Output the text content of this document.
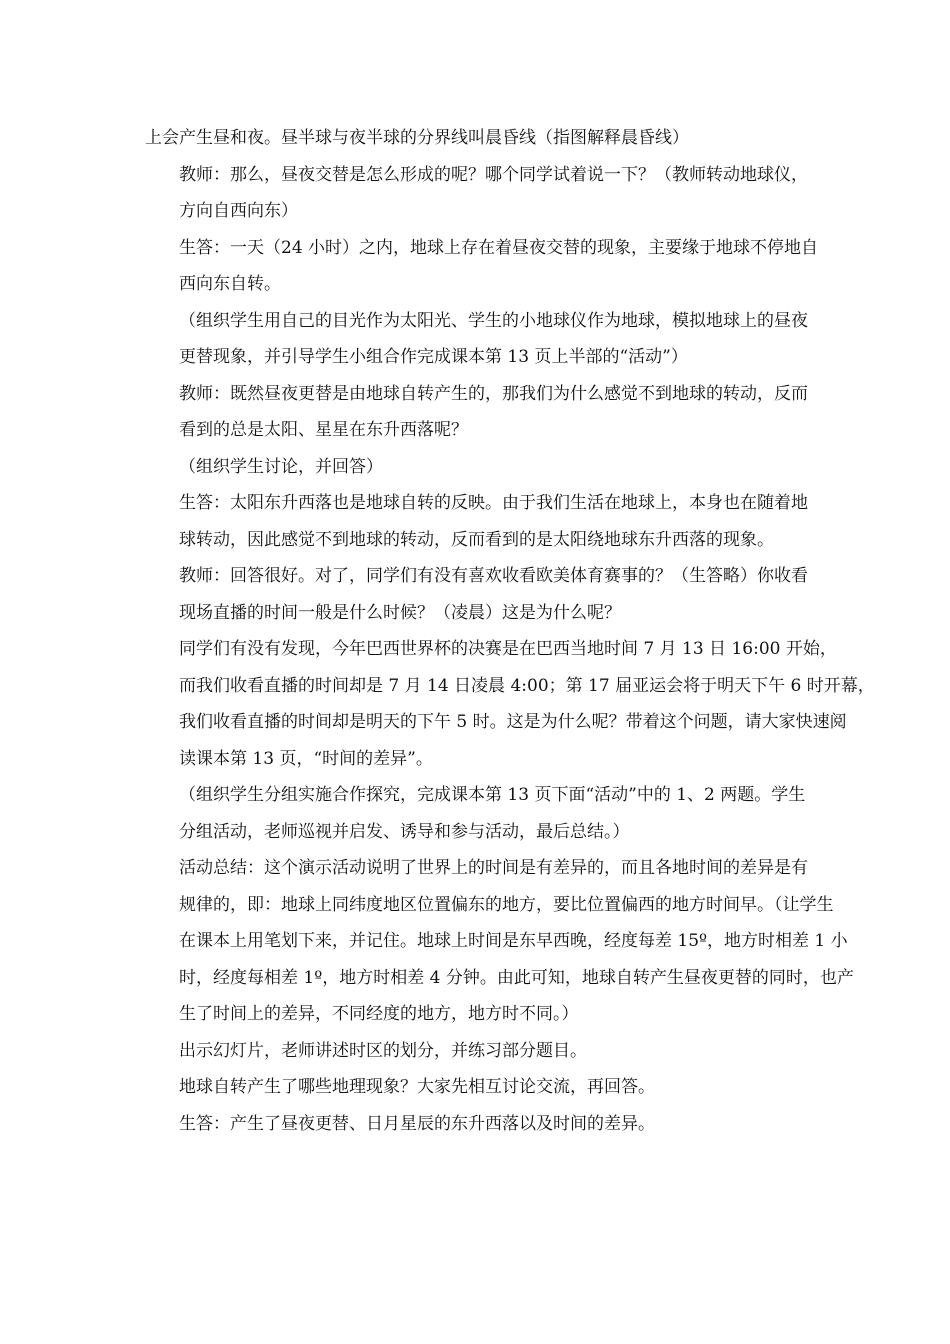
上会产生昼和夜。昼半球与夜半球的分界线叫晨昏线（指图解释晨昏线）
教师：那么，昼夜交替是怎么形成的呢？哪个同学试着说一下？（教师转动地球仪，
方向自西向东）
生答：一天（24 小时）之内，地球上存在着昼夜交替的现象，主要缘于地球不停地自
西向东自转。
（组织学生用自己的目光作为太阳光、学生的小地球仪作为地球，模拟地球上的昼夜
更替现象，并引导学生小组合作完成课本第 13 页上半部的“活动”）
教师：既然昼夜更替是由地球自转产生的，那我们为什么感觉不到地球的转动，反而
看到的总是太阳、星星在东升西落呢？
（组织学生讨论，并回答）
生答：太阳东升西落也是地球自转的反映。由于我们生活在地球上，本身也在随着地
球转动，因此感觉不到地球的转动，反而看到的是太阳绕地球东升西落的现象。
教师：回答很好。对了，同学们有没有喜欢收看欧美体育赛事的？（生答略）你收看
现场直播的时间一般是什么时候？（凌晨）这是为什么呢？
同学们有没有发现，今年巴西世界杯的决赛是在巴西当地时间 7 月 13 日 16:00 开始，
而我们收看直播的时间却是 7 月 14 日凌晨 4:00；第 17 届亚运会将于明天下午 6 时开幕，
我们收看直播的时间却是明天的下午 5 时。这是为什么呢？带着这个问题，请大家快速阅
读课本第 13 页，“时间的差异”。
（组织学生分组实施合作探究，完成课本第 13 页下面“活动”中的 1、2 两题。学生
分组活动，老师巡视并启发、诱导和参与活动，最后总结。）
活动总结：这个演示活动说明了世界上的时间是有差异的，而且各地时间的差异是有
规律的，即：地球上同纬度地区位置偏东的地方，要比位置偏西的地方时间早。（让学生
在课本上用笔划下来，并记住。地球上时间是东早西晚，经度每差 15º，地方时相差 1 小
时，经度每相差 1º，地方时相差 4 分钟。由此可知，地球自转产生昼夜更替的同时，也产
生了时间上的差异，不同经度的地方，地方时不同。）
出示幻灯片，老师讲述时区的划分，并练习部分题目。
地球自转产生了哪些地理现象？大家先相互讨论交流，再回答。
生答：产生了昼夜更替、日月星辰的东升西落以及时间的差异。
